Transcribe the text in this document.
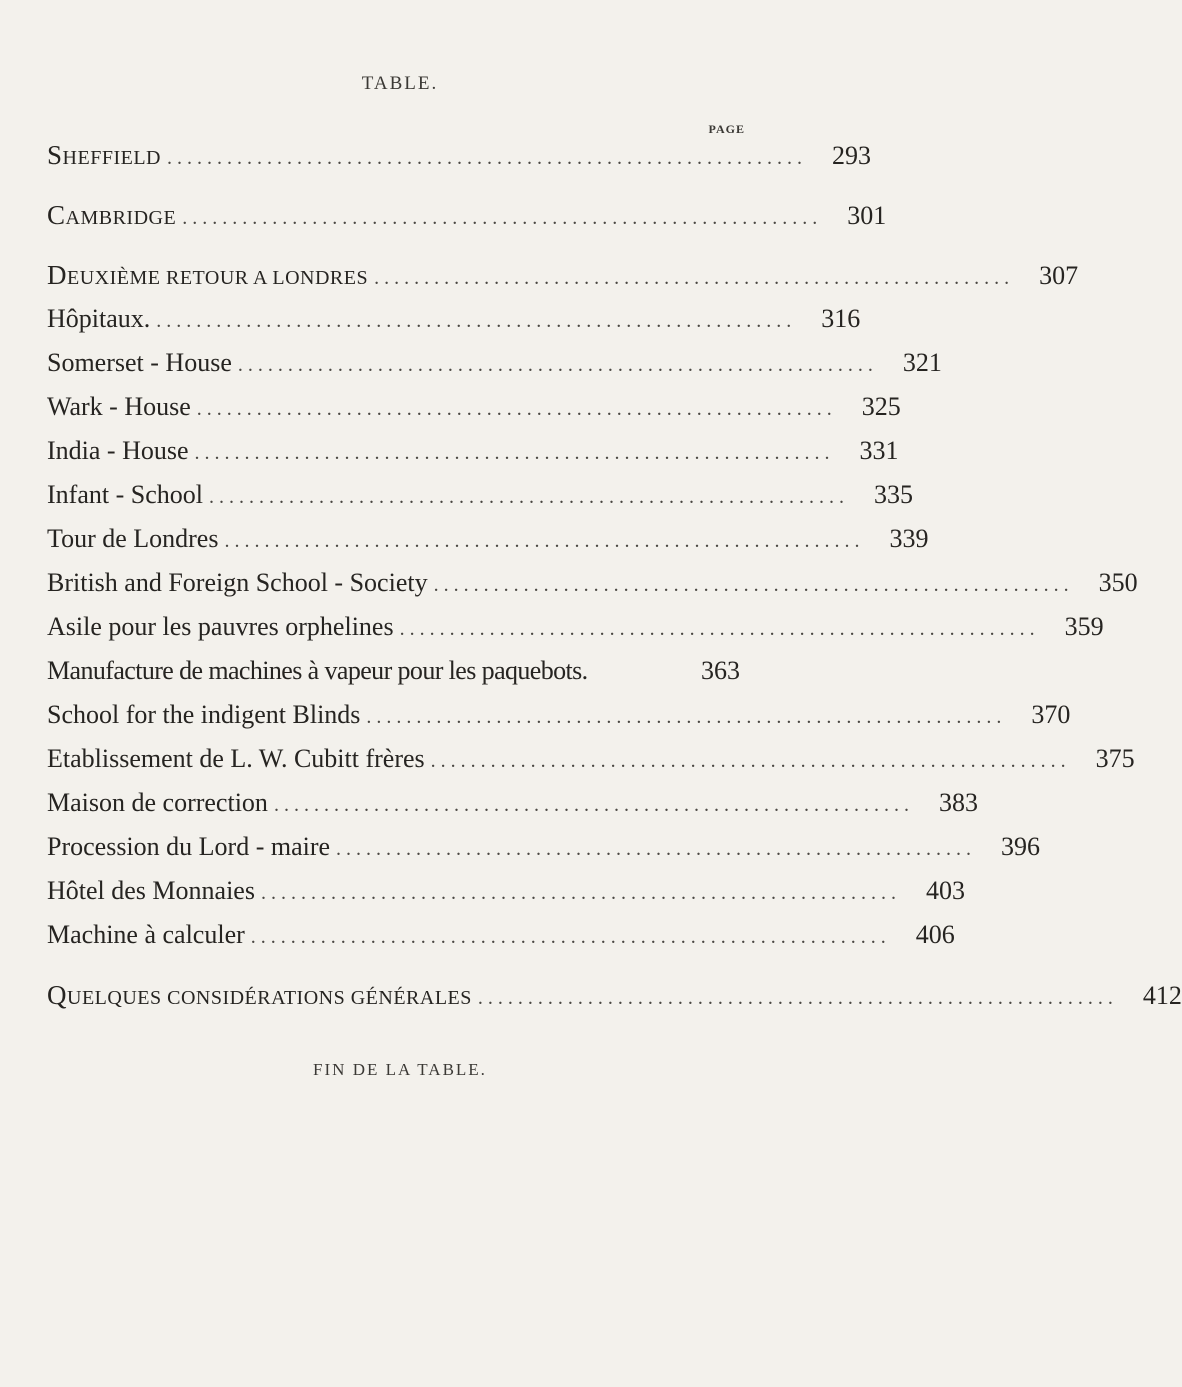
TABLE.
PAGE
SHEFFIELD ................................................................ 293
CAMBRIDGE ................................................................ 301
DEUXIÈME RETOUR A LONDRES ................................................................ 307
Hôpitaux. ................................................................ 316
Somerset - House ................................................................ 321
Wark - House ................................................................ 325
India - House ................................................................ 331
Infant - School ................................................................ 335
Tour de Londres ................................................................ 339
British and Foreign School - Society ................................................................ 350
Asile pour les pauvres orphelines ................................................................ 359
Manufacture de machines à vapeur pour les paquebots.	363
School for the indigent Blinds ................................................................ 370
Etablissement de L. W. Cubitt frères ................................................................ 375
Maison de correction ................................................................ 383
Procession du Lord - maire ................................................................ 396
Hôtel des Monnaies ................................................................ 403
Machine à calculer ................................................................ 406
QUELQUES CONSIDÉRATIONS GÉNÉRALES ................................................................ 412
FIN DE LA TABLE.
